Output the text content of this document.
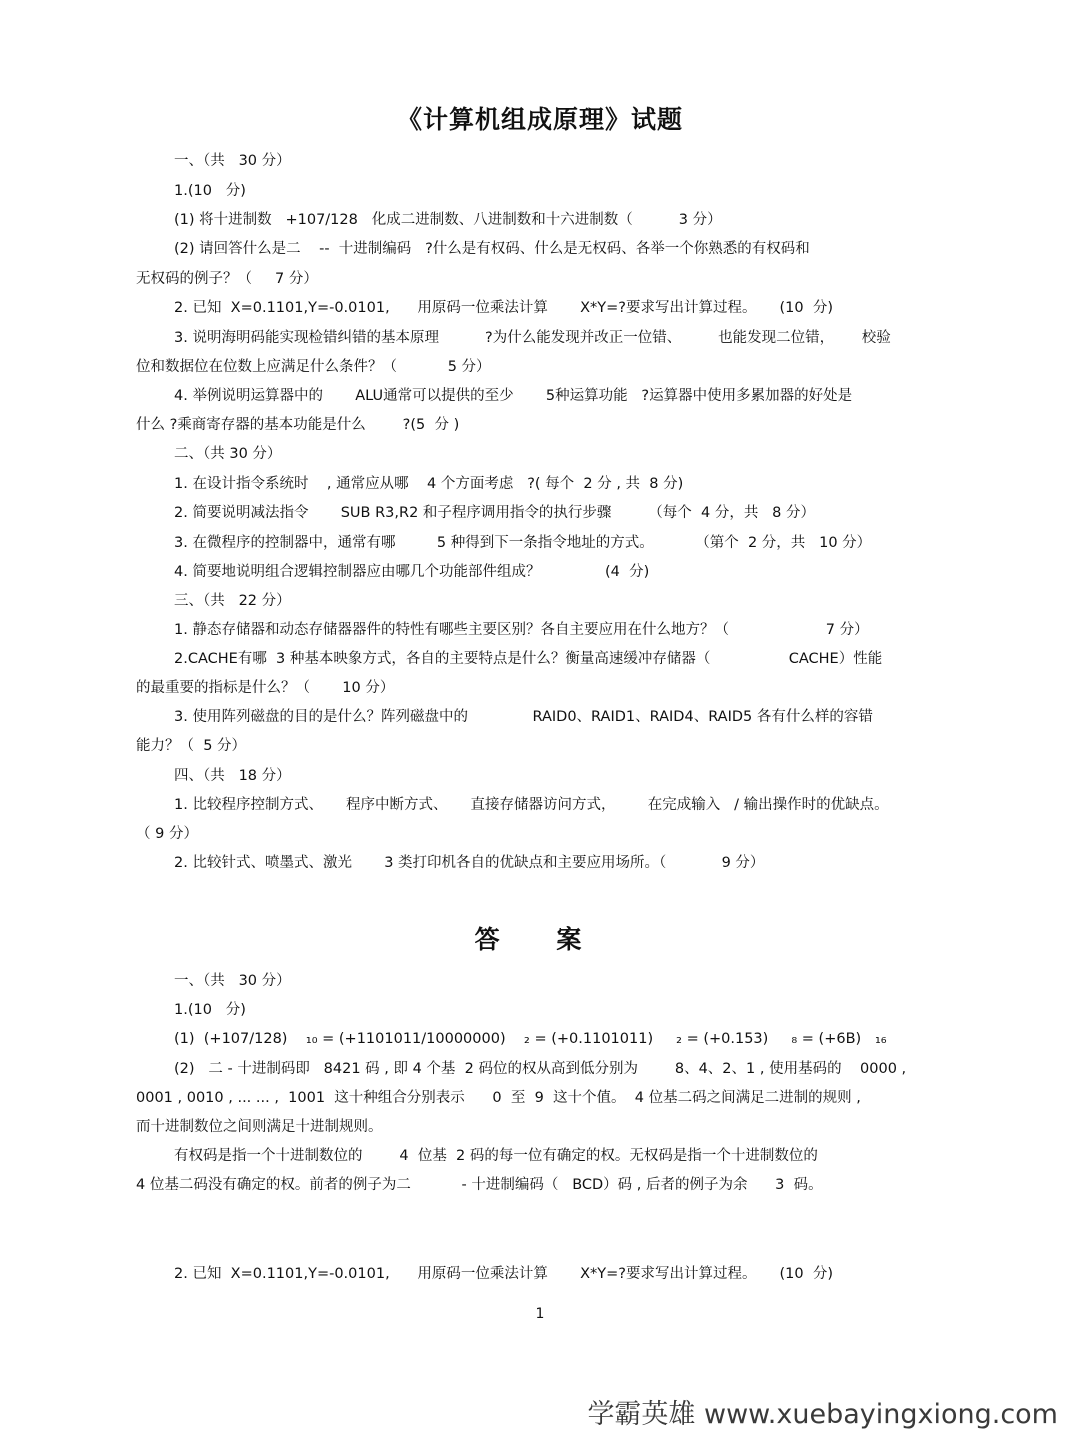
《计算机组成原理》试题
一、（共   30 分）
1.(10   分)
(1) 将十进制数   +107/128   化成二进制数、八进制数和十六进制数（          3 分）
(2) 请回答什么是二    --  十进制编码   ?什么是有权码、什么是无权码、各举一个你熟悉的有权码和
无权码的例子？（     7 分）
2. 已知  X=0.1101,Y=-0.0101,      用原码一位乘法计算       X*Y=?要求写出计算过程。     (10  分)
3. 说明海明码能实现检错纠错的基本原理          ?为什么能发现并改正一位错、        也能发现二位错，      校验
位和数据位在位数上应满足什么条件？（           5 分）
4. 举例说明运算器中的       ALU通常可以提供的至少       5种运算功能   ?运算器中使用多累加器的好处是
什么 ?乘商寄存器的基本功能是什么        ?(5  分 )
二、（共 30 分）
1. 在设计指令系统时    , 通常应从哪    4 个方面考虑   ?( 每个  2 分 , 共  8 分)
2. 简要说明减法指令       SUB R3,R2 和子程序调用指令的执行步骤        （每个  4 分，共   8 分）
3. 在微程序的控制器中，通常有哪         5 种得到下一条指令地址的方式。         （第个  2 分，共   10 分）
4. 简要地说明组合逻辑控制器应由哪几个功能部件组成？              (4  分)
三、（共   22 分）
1. 静态存储器和动态存储器器件的特性有哪些主要区别？各自主要应用在什么地方？（                     7 分）
2.CACHE有哪  3 种基本映象方式，各自的主要特点是什么？衡量高速缓冲存储器（                 CACHE）性能
的最重要的指标是什么？（       10 分）
3. 使用阵列磁盘的目的是什么？阵列磁盘中的              RAID0、RAID1、RAID4、RAID5 各有什么样的容错
能力？（  5 分）
四、（共   18 分）
1. 比较程序控制方式、     程序中断方式、     直接存储器访问方式，       在完成输入   / 输出操作时的优缺点。
（ 9 分）
2. 比较针式、喷墨式、激光       3 类打印机各自的优缺点和主要应用场所。（            9 分）
答 案
一、（共   30 分）
1.(10   分)
(1)  (+107/128)    ₁₀ = (+1101011/10000000)    ₂ = (+0.1101011)     ₂ = (+0.153)     ₈ = (+6B)   ₁₆
(2)   二 - 十进制码即   8421 码 , 即 4 个基  2 码位的权从高到低分别为        8、4、2、1 , 使用基码的    0000 ,
0001 , 0010 , ... ... ,  1001  这十种组合分别表示      0  至  9  这十个值。  4 位基二码之间满足二进制的规则 ,
而十进制数位之间则满足十进制规则。
有权码是指一个十进制数位的        4  位基  2 码的每一位有确定的权。无权码是指一个十进制数位的
4 位基二码没有确定的权。前者的例子为二           - 十进制编码（   BCD）码 , 后者的例子为余      3  码。
2. 已知  X=0.1101,Y=-0.0101,      用原码一位乘法计算       X*Y=?要求写出计算过程。     (10  分)
1
学霸英雄 www.xuebayingxiong.com
